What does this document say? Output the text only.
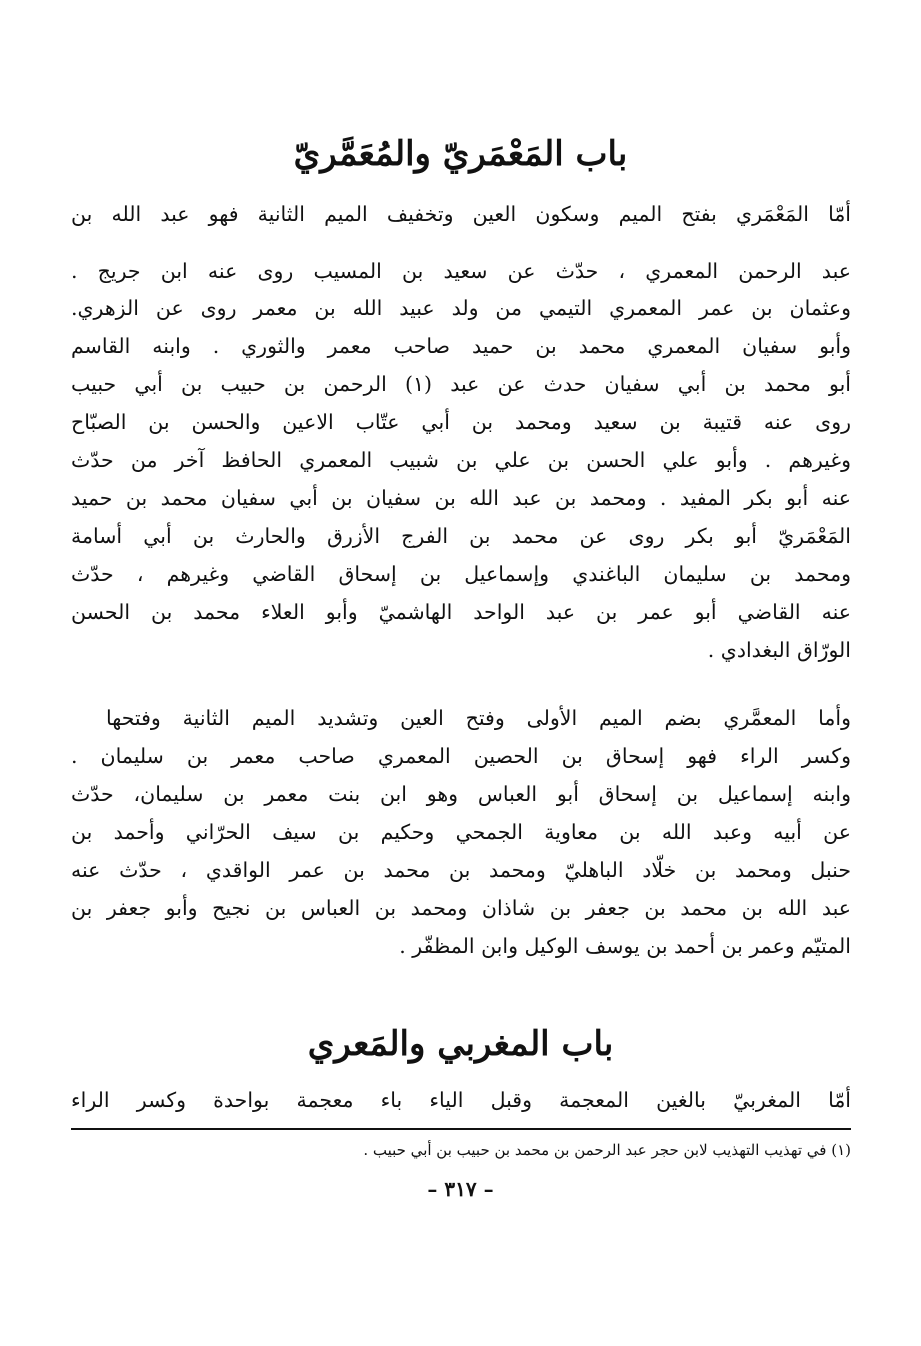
باب المَعْمَريّ والمُعَمَّريّ
أمّا المَعْمَري بفتح الميم وسكون العين وتخفيف الميم الثانية فهو عبد الله بن
عبد الرحمن المعمري ، حدّث عن سعيد بن المسيب روى عنه ابن جريج .
وعثمان بن عمر المعمري التيمي من ولد عبيد الله بن معمر روى عن الزهري.
وأبو سفيان المعمري محمد بن حميد صاحب معمر والثوري . وابنه القاسم
أبو محمد بن أبي سفيان حدث عن عبد (١) الرحمن بن حبيب بن أبي حبيب
روى عنه قتيبة بن سعيد ومحمد بن أبي عتّاب الاعين والحسن بن الصبّاح
وغيرهم . وأبو علي الحسن بن علي بن شبيب المعمري الحافظ آخر من حدّث
عنه أبو بكر المفيد . ومحمد بن عبد الله بن سفيان بن أبي سفيان محمد بن حميد
المَعْمَريّ أبو بكر روى عن محمد بن الفرج الأزرق والحارث بن أبي أسامة
ومحمد بن سليمان الباغندي وإسماعيل بن إسحاق القاضي وغيرهم ، حدّث
عنه القاضي أبو عمر بن عبد الواحد الهاشميّ وأبو العلاء محمد بن الحسن
الورّاق البغدادي .
وأما المعمَّري بضم الميم الأولى وفتح العين وتشديد الميم الثانية وفتحها
وكسر الراء فهو إسحاق بن الحصين المعمري صاحب معمر بن سليمان .
وابنه إسماعيل بن إسحاق أبو العباس وهو ابن بنت معمر بن سليمان، حدّث
عن أبيه وعبد الله بن معاوية الجمحي وحكيم بن سيف الحرّاني وأحمد بن
حنبل ومحمد بن خلّاد الباهليّ ومحمد بن محمد بن عمر الواقدي ، حدّث عنه
عبد الله بن محمد بن جعفر بن شاذان ومحمد بن العباس بن نجيح وأبو جعفر بن
المتيّم وعمر بن أحمد بن يوسف الوكيل وابن المظفّر .
باب المغربي والمَعري
أمّا المغربيّ بالغين المعجمة وقبل الياء باء معجمة بواحدة وكسر الراء
(١) في تهذيب التهذيب لابن حجر عبد الرحمن بن محمد بن حبيب بن أبي حبيب .
– ٣١٧ –
